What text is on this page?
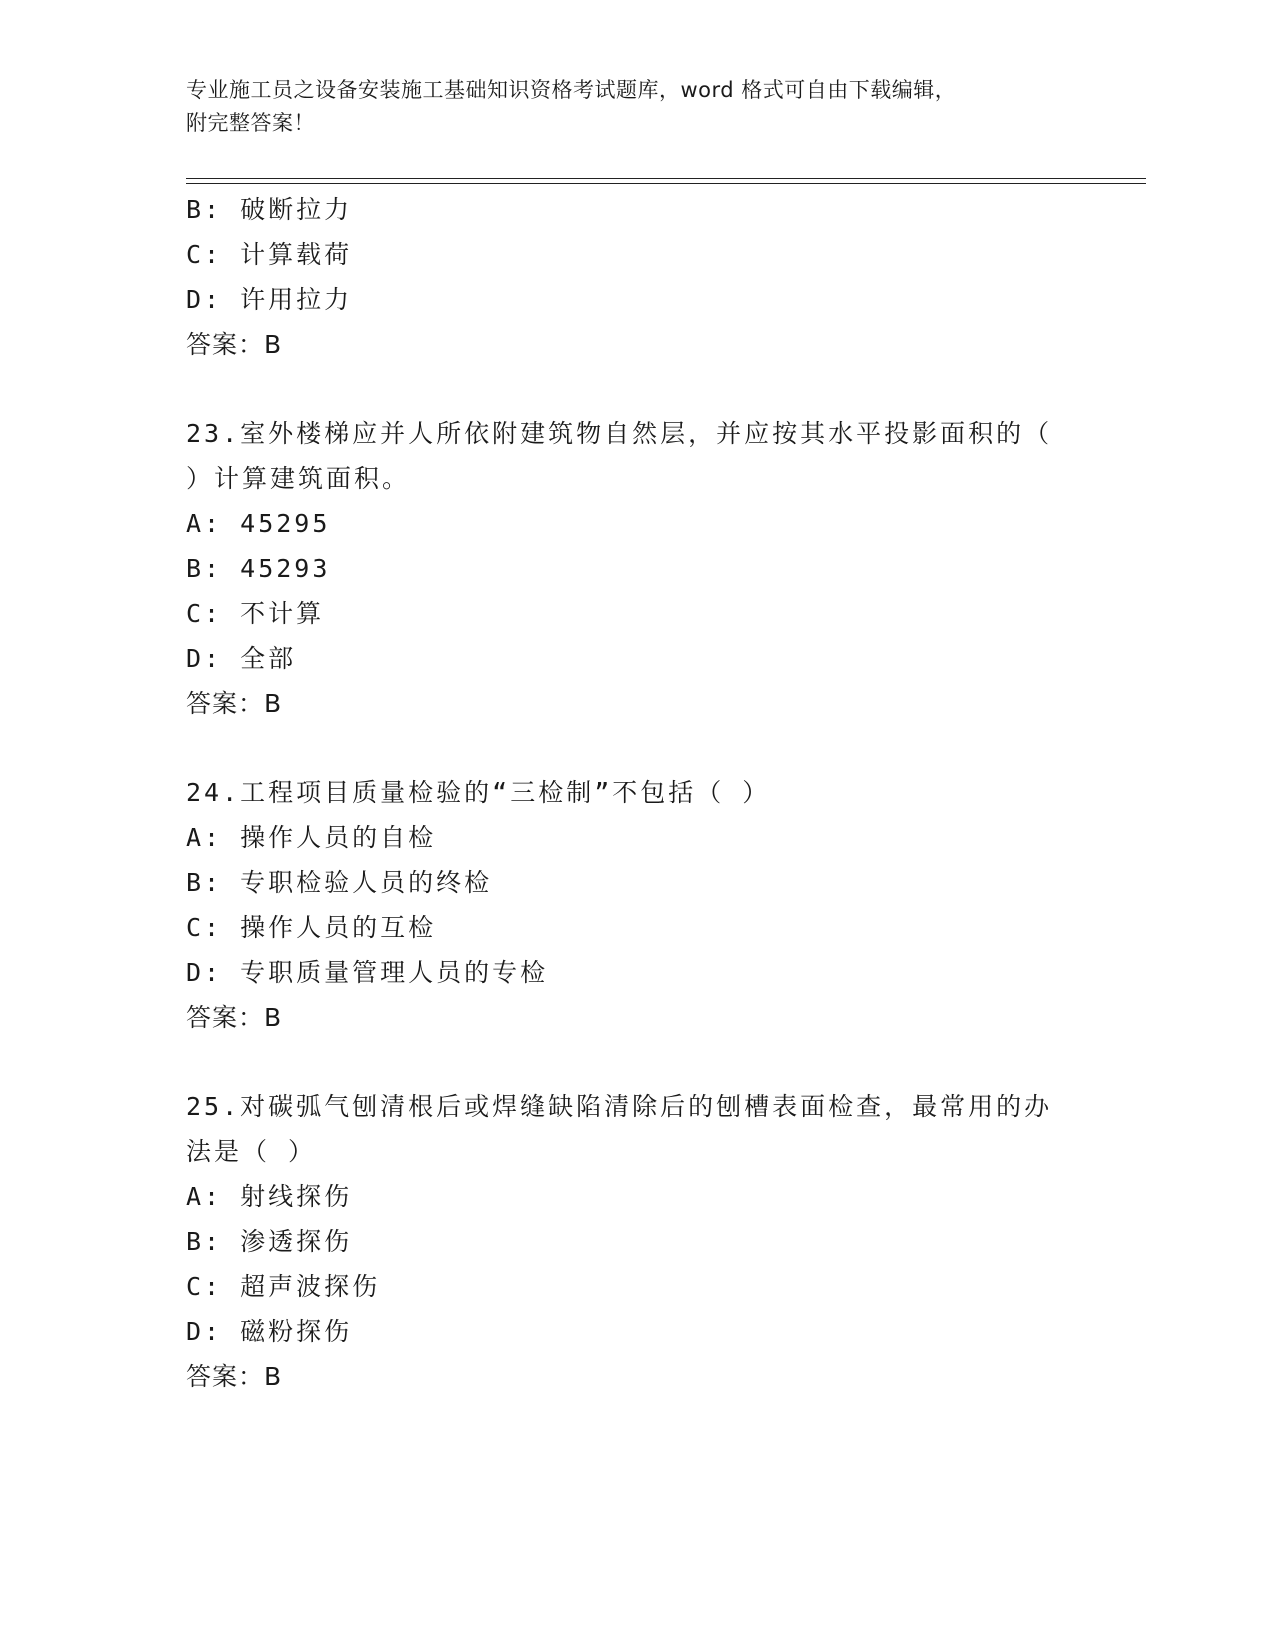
专业施工员之设备安装施工基础知识资格考试题库，word 格式可自由下载编辑，
附完整答案！
B: 破断拉力
C: 计算载荷
D: 许用拉力
答案：B
23.室外楼梯应并人所依附建筑物自然层，并应按其水平投影面积的（
）计算建筑面积。
A: 45295
B: 45293
C: 不计算
D: 全部
答案：B
24.工程项目质量检验的“三检制”不包括（ ）
A: 操作人员的自检
B: 专职检验人员的终检
C: 操作人员的互检
D: 专职质量管理人员的专检
答案：B
25.对碳弧气刨清根后或焊缝缺陷清除后的刨槽表面检查，最常用的办
法是（ ）
A: 射线探伤
B: 渗透探伤
C: 超声波探伤
D: 磁粉探伤
答案：B
